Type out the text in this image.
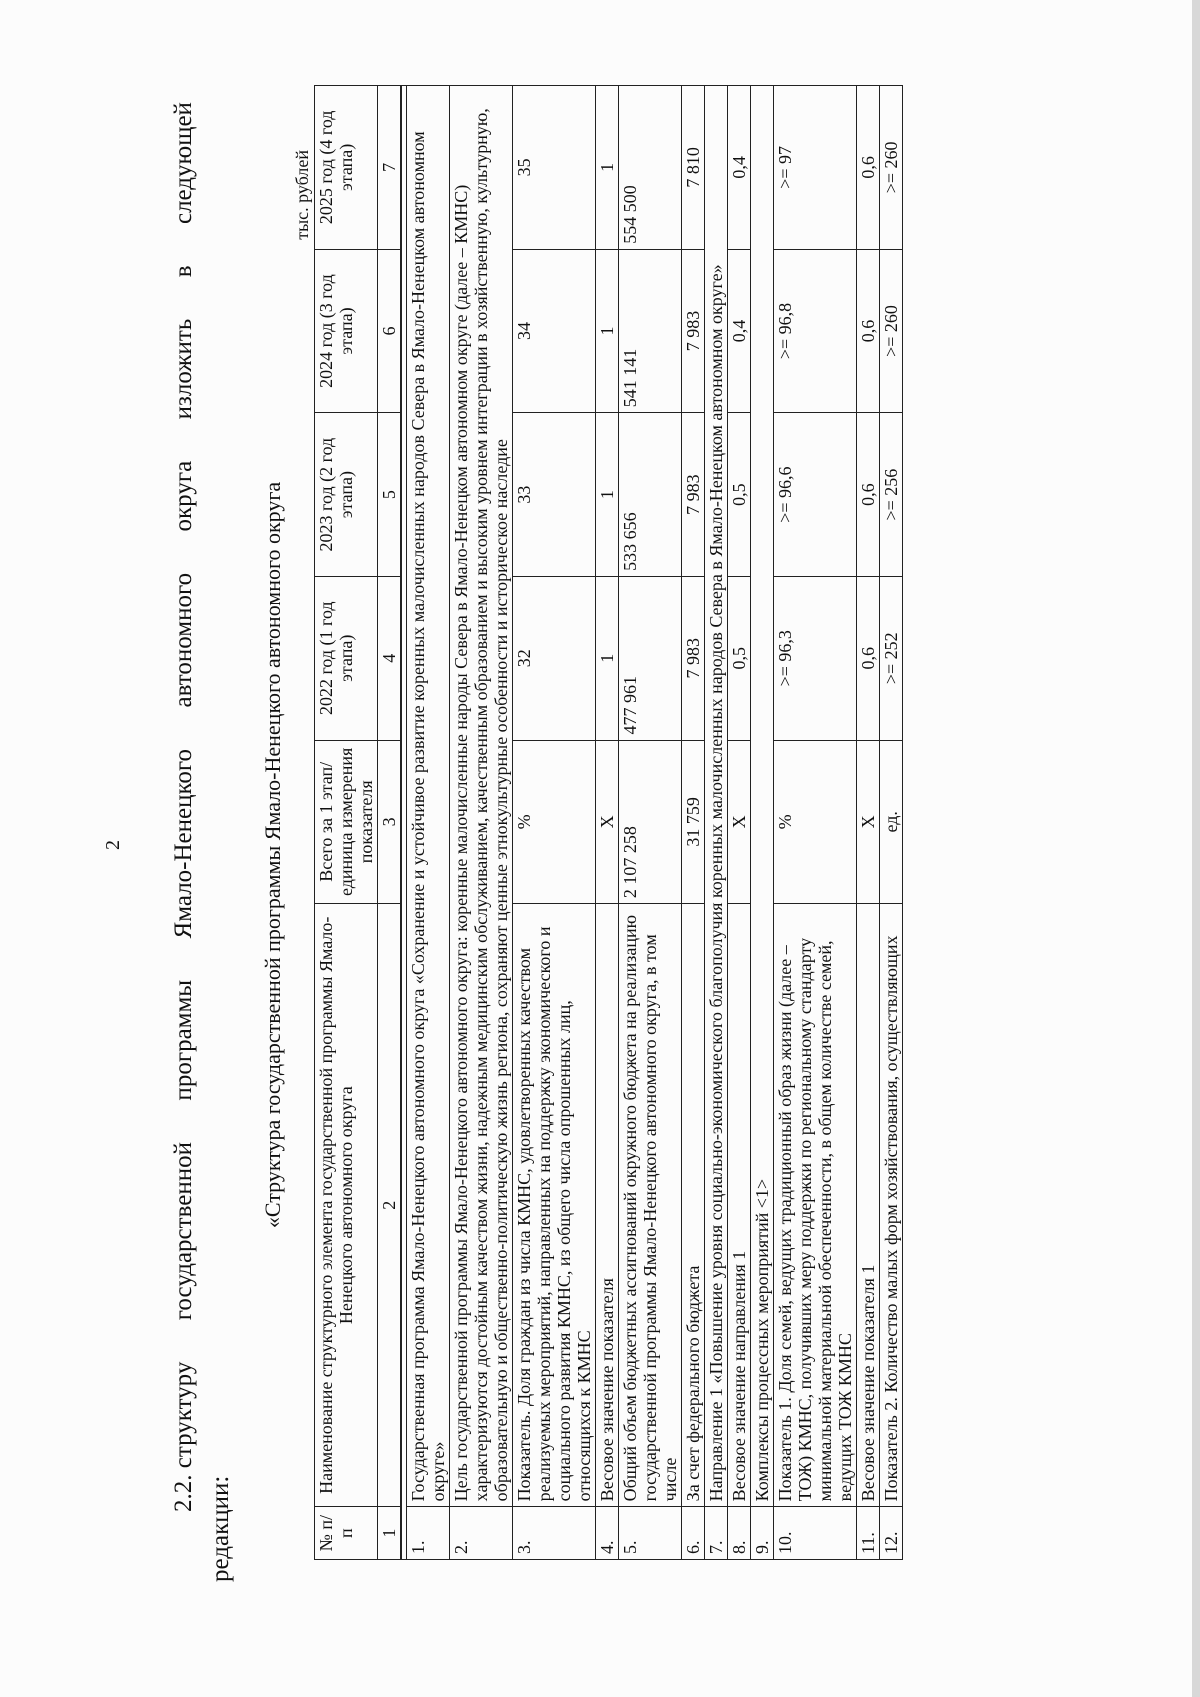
2
2.2. структуру
государственной
программы
Ямало-Ненецкого
автономного
округа
изложить
в
следующей
редакции:
«Структура государственной программы Ямало-Ненецкого автономного округа
тыс. рублей
№ п/п	Наименование структурного элемента государственной программы Ямало-Ненецкого автономного округа	Всего за 1 этап/ единица измерения показателя	2022 год (1 год этапа)	2023 год (2 год этапа)	2024 год (3 год этапа)	2025 год (4 год этапа)
1	2	3	4	5	6	7

1.	Государственная программа Ямало-Ненецкого автономного округа «Сохранение и устойчивое развитие коренных малочисленных народов Севера в Ямало-Ненецком автономном округе»					
2.	Цель государственной программы Ямало-Ненецкого автономного округа: коренные малочисленные народы Севера в Ямало-Ненецком автономном округе (далее – КМНС) характеризуются достойным качеством жизни, надежным медицинским обслуживанием, качественным образованием и высоким уровнем интеграции в хозяйственную, культурную, образовательную и общественно-политическую жизнь региона, сохраняют ценные этнокультурные особенности и историческое наследие					
3.	Показатель. Доля граждан из числа КМНС, удовлетворенных качеством реализуемых мероприятий, направленных на поддержку экономического и социального развития КМНС, из общего числа опрошенных лиц, относящихся к КМНС	%	32	33	34	35
4.	Весовое значение показателя	X	1	1	1	1
5.	Общий объем бюджетных ассигнований окружного бюджета на реализацию государственной программы Ямало-Ненецкого автономного округа, в том числе	2 107 258	477 961	533 656	541 141	554 500
6.	За счет федерального бюджета	31 759	7 983	7 983	7 983	7 810
7.	Направление 1 «Повышение уровня социально-экономического благополучия коренных малочисленных народов Севера в Ямало-Ненецком автономном округе»					
8.	Весовое значение направления 1	X	0,5	0,5	0,4	0,4
9.	Комплексы процессных мероприятий <1>					
10.	Показатель 1. Доля семей, ведущих традиционный образ жизни (далее – ТОЖ) КМНС, получивших меру поддержки по региональному стандарту минимальной материальной обеспеченности, в общем количестве семей, ведущих ТОЖ КМНС	%	>= 96,3	>= 96,6	>= 96,8	>= 97
11.	Весовое значение показателя 1	X	0,6	0,6	0,6	0,6
12.	Показатель 2. Количество малых форм хозяйствования, осуществляющих	ед.	>= 252	>= 256	>= 260	>= 260
